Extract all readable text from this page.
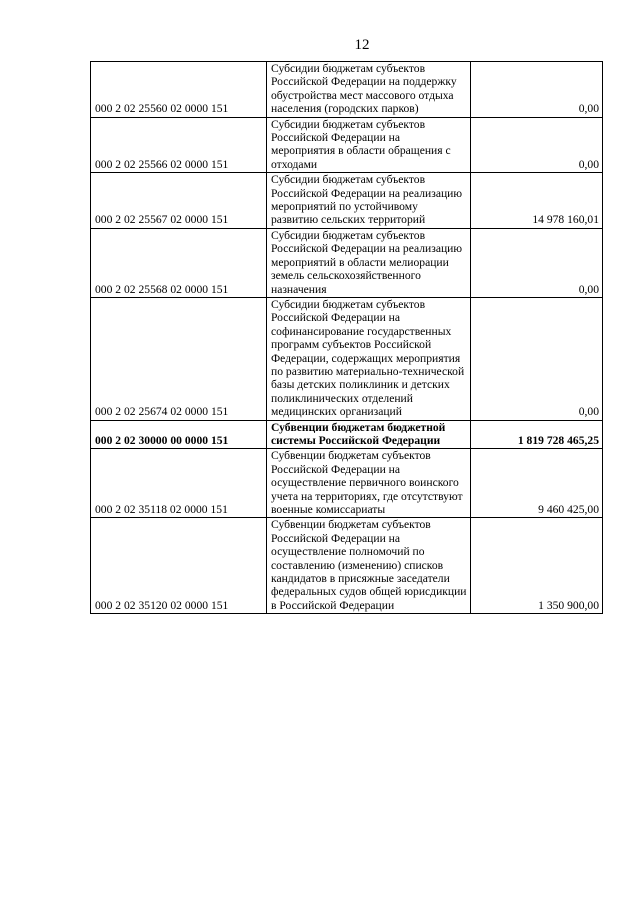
12
000 2 02 25560 02 0000 151	Субсидии бюджетам субъектов Российской Федерации на поддержку обустройства мест массового отдыха населения (городских парков)	0,00
000 2 02 25566 02 0000 151	Субсидии бюджетам субъектов Российской Федерации на мероприятия в области обращения с отходами	0,00
000 2 02 25567 02 0000 151	Субсидии бюджетам субъектов Российской Федерации на реализацию мероприятий по устойчивому развитию сельских территорий	14 978 160,01
000 2 02 25568 02 0000 151	Субсидии бюджетам субъектов Российской Федерации на реализацию мероприятий в области мелиорации земель сельскохозяйственного назначения	0,00
000 2 02 25674 02 0000 151	Субсидии бюджетам субъектов Российской Федерации на софинансирование государственных программ субъектов Российской Федерации, содержащих мероприятия по развитию материально-технической базы детских поликлиник и детских поликлинических отделений медицинских организаций	0,00
000 2 02 30000 00 0000 151	Субвенции бюджетам бюджетной системы Российской Федерации	1 819 728 465,25
000 2 02 35118 02 0000 151	Субвенции бюджетам субъектов Российской Федерации на осуществление первичного воинского учета на территориях, где отсутствуют военные комиссариаты	9 460 425,00
000 2 02 35120 02 0000 151	Субвенции бюджетам субъектов Российской Федерации на осуществление полномочий по составлению (изменению) списков кандидатов в присяжные заседатели федеральных судов общей юрисдикции в Российской Федерации	1 350 900,00
